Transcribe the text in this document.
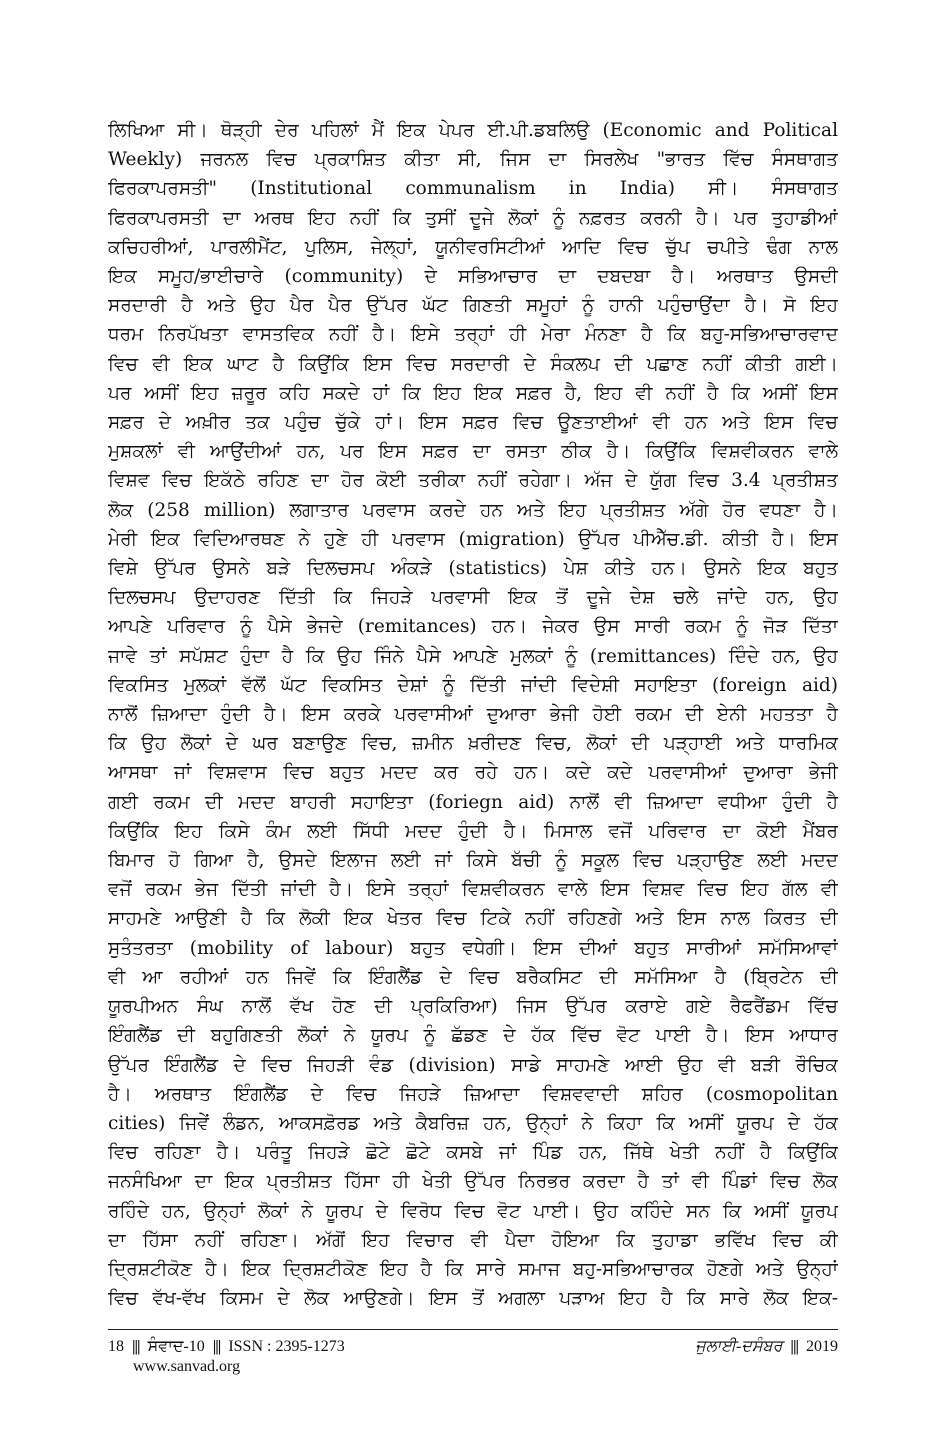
ਲਿਖਿਆ ਸੀ। ਥੋੜ੍ਹੀ ਦੇਰ ਪਹਿਲਾਂ ਮੈਂ ਇਕ ਪੇਪਰ ਈ.ਪੀ.ਡਬਲਿਉ (Economic and Political
Weekly) ਜਰਨਲ ਵਿਚ ਪ੍ਰਕਾਸ਼ਿਤ ਕੀਤਾ ਸੀ, ਜਿਸ ਦਾ ਸਿਰਲੇਖ "ਭਾਰਤ ਵਿੱਚ ਸੰਸਥਾਗਤ
ਫਿਰਕਾਪਰਸਤੀ" (Institutional communalism in India) ਸੀ। ਸੰਸਥਾਗਤ
ਫਿਰਕਾਪਰਸਤੀ ਦਾ ਅਰਥ ਇਹ ਨਹੀਂ ਕਿ ਤੁਸੀਂ ਦੂਜੇ ਲੋਕਾਂ ਨੂੰ ਨਫ਼ਰਤ ਕਰਨੀ ਹੈ। ਪਰ ਤੁਹਾਡੀਆਂ
ਕਚਿਹਰੀਆਂ, ਪਾਰਲੀਮੈਂਟ, ਪੁਲਿਸ, ਜੇਲ੍ਹਾਂ, ਯੂਨੀਵਰਸਿਟੀਆਂ ਆਦਿ ਵਿਚ ਚੁੱਪ ਚਪੀਤੇ ਢੰਗ ਨਾਲ
ਇਕ ਸਮੂਹ/ਭਾਈਚਾਰੇ (community) ਦੇ ਸਭਿਆਚਾਰ ਦਾ ਦਬਦਬਾ ਹੈ। ਅਰਥਾਤ ਉਸਦੀ
ਸਰਦਾਰੀ ਹੈ ਅਤੇ ਉਹ ਪੈਰ ਪੈਰ ਉੱਪਰ ਘੱਟ ਗਿਣਤੀ ਸਮੂਹਾਂ ਨੂੰ ਹਾਨੀ ਪਹੁੰਚਾਉਂਦਾ ਹੈ। ਸੋ ਇਹ
ਧਰਮ ਨਿਰਪੱਖਤਾ ਵਾਸਤਵਿਕ ਨਹੀਂ ਹੈ। ਇਸੇ ਤਰ੍ਹਾਂ ਹੀ ਮੇਰਾ ਮੰਨਣਾ ਹੈ ਕਿ ਬਹੁ-ਸਭਿਆਚਾਰਵਾਦ
ਵਿਚ ਵੀ ਇਕ ਘਾਟ ਹੈ ਕਿਉਂਕਿ ਇਸ ਵਿਚ ਸਰਦਾਰੀ ਦੇ ਸੰਕਲਪ ਦੀ ਪਛਾਣ ਨਹੀਂ ਕੀਤੀ ਗਈ।
ਪਰ ਅਸੀਂ ਇਹ ਜ਼ਰੂਰ ਕਹਿ ਸਕਦੇ ਹਾਂ ਕਿ ਇਹ ਇਕ ਸਫ਼ਰ ਹੈ, ਇਹ ਵੀ ਨਹੀਂ ਹੈ ਕਿ ਅਸੀਂ ਇਸ
ਸਫ਼ਰ ਦੇ ਅਖ਼ੀਰ ਤਕ ਪਹੁੰਚ ਚੁੱਕੇ ਹਾਂ। ਇਸ ਸਫ਼ਰ ਵਿਚ ਊਣਤਾਈਆਂ ਵੀ ਹਨ ਅਤੇ ਇਸ ਵਿਚ
ਮੁਸ਼ਕਲਾਂ ਵੀ ਆਉਂਦੀਆਂ ਹਨ, ਪਰ ਇਸ ਸਫ਼ਰ ਦਾ ਰਸਤਾ ਠੀਕ ਹੈ। ਕਿਉਂਕਿ ਵਿਸ਼ਵੀਕਰਨ ਵਾਲੇ
ਵਿਸ਼ਵ ਵਿਚ ਇਕੱਠੇ ਰਹਿਣ ਦਾ ਹੋਰ ਕੋਈ ਤਰੀਕਾ ਨਹੀਂ ਰਹੇਗਾ। ਅੱਜ ਦੇ ਯੁੱਗ ਵਿਚ 3.4 ਪ੍ਰਤੀਸ਼ਤ
ਲੋਕ (258 million) ਲਗਾਤਾਰ ਪਰਵਾਸ ਕਰਦੇ ਹਨ ਅਤੇ ਇਹ ਪ੍ਰਤੀਸ਼ਤ ਅੱਗੇ ਹੋਰ ਵਧਣਾ ਹੈ।
ਮੇਰੀ ਇਕ ਵਿਦਿਆਰਥਣ ਨੇ ਹੁਣੇ ਹੀ ਪਰਵਾਸ (migration) ਉੱਪਰ ਪੀਐੱਚ.ਡੀ. ਕੀਤੀ ਹੈ। ਇਸ
ਵਿਸ਼ੇ ਉੱਪਰ ਉਸਨੇ ਬੜੇ ਦਿਲਚਸਪ ਅੰਕੜੇ (statistics) ਪੇਸ਼ ਕੀਤੇ ਹਨ। ਉਸਨੇ ਇਕ ਬਹੁਤ
ਦਿਲਚਸਪ ਉਦਾਹਰਣ ਦਿੱਤੀ ਕਿ ਜਿਹੜੇ ਪਰਵਾਸੀ ਇਕ ਤੋਂ ਦੂਜੇ ਦੇਸ਼ ਚਲੇ ਜਾਂਦੇ ਹਨ, ਉਹ
ਆਪਣੇ ਪਰਿਵਾਰ ਨੂੰ ਪੈਸੇ ਭੇਜਦੇ (remitances) ਹਨ। ਜੇਕਰ ਉਸ ਸਾਰੀ ਰਕਮ ਨੂੰ ਜੋੜ ਦਿੱਤਾ
ਜਾਵੇ ਤਾਂ ਸਪੱਸ਼ਟ ਹੁੰਦਾ ਹੈ ਕਿ ਉਹ ਜਿੰਨੇ ਪੈਸੇ ਆਪਣੇ ਮੁਲਕਾਂ ਨੂੰ (remittances) ਦਿੰਦੇ ਹਨ, ਉਹ
ਵਿਕਸਿਤ ਮੁਲਕਾਂ ਵੱਲੋਂ ਘੱਟ ਵਿਕਸਿਤ ਦੇਸ਼ਾਂ ਨੂੰ ਦਿੱਤੀ ਜਾਂਦੀ ਵਿਦੇਸ਼ੀ ਸਹਾਇਤਾ (foreign aid)
ਨਾਲੋਂ ਜ਼ਿਆਦਾ ਹੁੰਦੀ ਹੈ। ਇਸ ਕਰਕੇ ਪਰਵਾਸੀਆਂ ਦੁਆਰਾ ਭੇਜੀ ਹੋਈ ਰਕਮ ਦੀ ਏਨੀ ਮਹਤਤਾ ਹੈ
ਕਿ ਉਹ ਲੋਕਾਂ ਦੇ ਘਰ ਬਣਾਉਣ ਵਿਚ, ਜ਼ਮੀਨ ਖ਼ਰੀਦਣ ਵਿਚ, ਲੋਕਾਂ ਦੀ ਪੜ੍ਹਾਈ ਅਤੇ ਧਾਰਮਿਕ
ਆਸਥਾ ਜਾਂ ਵਿਸ਼ਵਾਸ ਵਿਚ ਬਹੁਤ ਮਦਦ ਕਰ ਰਹੇ ਹਨ। ਕਦੇ ਕਦੇ ਪਰਵਾਸੀਆਂ ਦੁਆਰਾ ਭੇਜੀ
ਗਈ ਰਕਮ ਦੀ ਮਦਦ ਬਾਹਰੀ ਸਹਾਇਤਾ (foriegn aid) ਨਾਲੋਂ ਵੀ ਜ਼ਿਆਦਾ ਵਧੀਆ ਹੁੰਦੀ ਹੈ
ਕਿਉਂਕਿ ਇਹ ਕਿਸੇ ਕੰਮ ਲਈ ਸਿੱਧੀ ਮਦਦ ਹੁੰਦੀ ਹੈ। ਮਿਸਾਲ ਵਜੋਂ ਪਰਿਵਾਰ ਦਾ ਕੋਈ ਮੈਂਬਰ
ਬਿਮਾਰ ਹੋ ਗਿਆ ਹੈ, ਉਸਦੇ ਇਲਾਜ ਲਈ ਜਾਂ ਕਿਸੇ ਬੱਚੀ ਨੂੰ ਸਕੂਲ ਵਿਚ ਪੜ੍ਹਾਉਣ ਲਈ ਮਦਦ
ਵਜੋਂ ਰਕਮ ਭੇਜ ਦਿੱਤੀ ਜਾਂਦੀ ਹੈ। ਇਸੇ ਤਰ੍ਹਾਂ ਵਿਸ਼ਵੀਕਰਨ ਵਾਲੇ ਇਸ ਵਿਸ਼ਵ ਵਿਚ ਇਹ ਗੱਲ ਵੀ
ਸਾਹਮਣੇ ਆਉਣੀ ਹੈ ਕਿ ਲੋਕੀ ਇਕ ਖੇਤਰ ਵਿਚ ਟਿਕੇ ਨਹੀਂ ਰਹਿਣਗੇ ਅਤੇ ਇਸ ਨਾਲ ਕਿਰਤ ਦੀ
ਸੁਤੰਤਰਤਾ (mobility of labour) ਬਹੁਤ ਵਧੇਗੀ। ਇਸ ਦੀਆਂ ਬਹੁਤ ਸਾਰੀਆਂ ਸਮੱਸਿਆਵਾਂ
ਵੀ ਆ ਰਹੀਆਂ ਹਨ ਜਿਵੇਂ ਕਿ ਇੰਗਲੈਂਡ ਦੇ ਵਿਚ ਬਰੈਕਸਿਟ ਦੀ ਸਮੱਸਿਆ ਹੈ (ਬ੍ਰਿਟੇਨ ਦੀ
ਯੂਰਪੀਅਨ ਸੰਘ ਨਾਲੋਂ ਵੱਖ ਹੋਣ ਦੀ ਪ੍ਰਕਿਰਿਆ) ਜਿਸ ਉੱਪਰ ਕਰਾਏ ਗਏ ਰੈਫਰੈਂਡਮ ਵਿੱਚ
ਇੰਗਲੈਂਡ ਦੀ ਬਹੁਗਿਣਤੀ ਲੋਕਾਂ ਨੇ ਯੂਰਪ ਨੂੰ ਛੱਡਣ ਦੇ ਹੱਕ ਵਿੱਚ ਵੋਟ ਪਾਈ ਹੈ। ਇਸ ਆਧਾਰ
ਉੱਪਰ ਇੰਗਲੈਂਡ ਦੇ ਵਿਚ ਜਿਹੜੀ ਵੰਡ (division) ਸਾਡੇ ਸਾਹਮਣੇ ਆਈ ਉਹ ਵੀ ਬੜੀ ਰੌਚਿਕ
ਹੈ। ਅਰਥਾਤ ਇੰਗਲੈਂਡ ਦੇ ਵਿਚ ਜਿਹੜੇ ਜ਼ਿਆਦਾ ਵਿਸ਼ਵਵਾਦੀ ਸ਼ਹਿਰ (cosmopolitan
cities) ਜਿਵੇਂ ਲੰਡਨ, ਆਕਸਫ਼ੋਰਡ ਅਤੇ ਕੈਬਰਿਜ਼ ਹਨ, ਉਨ੍ਹਾਂ ਨੇ ਕਿਹਾ ਕਿ ਅਸੀਂ ਯੂਰਪ ਦੇ ਹੱਕ
ਵਿਚ ਰਹਿਣਾ ਹੈ। ਪਰੰਤੂ ਜਿਹੜੇ ਛੋਟੇ ਛੋਟੇ ਕਸਬੇ ਜਾਂ ਪਿੰਡ ਹਨ, ਜਿੱਥੇ ਖੇਤੀ ਨਹੀਂ ਹੈ ਕਿਉਂਕਿ
ਜਨਸੰਖਿਆ ਦਾ ਇਕ ਪ੍ਰਤੀਸ਼ਤ ਹਿੱਸਾ ਹੀ ਖੇਤੀ ਉੱਪਰ ਨਿਰਭਰ ਕਰਦਾ ਹੈ ਤਾਂ ਵੀ ਪਿੰਡਾਂ ਵਿਚ ਲੋਕ
ਰਹਿੰਦੇ ਹਨ, ਉਨ੍ਹਾਂ ਲੋਕਾਂ ਨੇ ਯੂਰਪ ਦੇ ਵਿਰੋਧ ਵਿਚ ਵੋਟ ਪਾਈ। ਉਹ ਕਹਿੰਦੇ ਸਨ ਕਿ ਅਸੀਂ ਯੂਰਪ
ਦਾ ਹਿੱਸਾ ਨਹੀਂ ਰਹਿਣਾ। ਅੱਗੋਂ ਇਹ ਵਿਚਾਰ ਵੀ ਪੈਦਾ ਹੋਇਆ ਕਿ ਤੁਹਾਡਾ ਭਵਿੱਖ ਵਿਚ ਕੀ
ਦ੍ਰਿਸ਼ਟੀਕੋਣ ਹੈ। ਇਕ ਦ੍ਰਿਸ਼ਟੀਕੋਣ ਇਹ ਹੈ ਕਿ ਸਾਰੇ ਸਮਾਜ ਬਹੁ-ਸਭਿਆਚਾਰਕ ਹੋਣਗੇ ਅਤੇ ਉਨ੍ਹਾਂ
ਵਿਚ ਵੱਖ-ਵੱਖ ਕਿਸਮ ਦੇ ਲੋਕ ਆਉਣਗੇ। ਇਸ ਤੋਂ ਅਗਲਾ ਪੜਾਅ ਇਹ ਹੈ ਕਿ ਸਾਰੇ ਲੋਕ ਇਕ-
18 ||| ਸੰਵਾਦ-10 ||| ISSN : 2395-1273
www.sanvad.org
ਜੁਲਾਈ-ਦਸੰਬਰ ||| 2019
